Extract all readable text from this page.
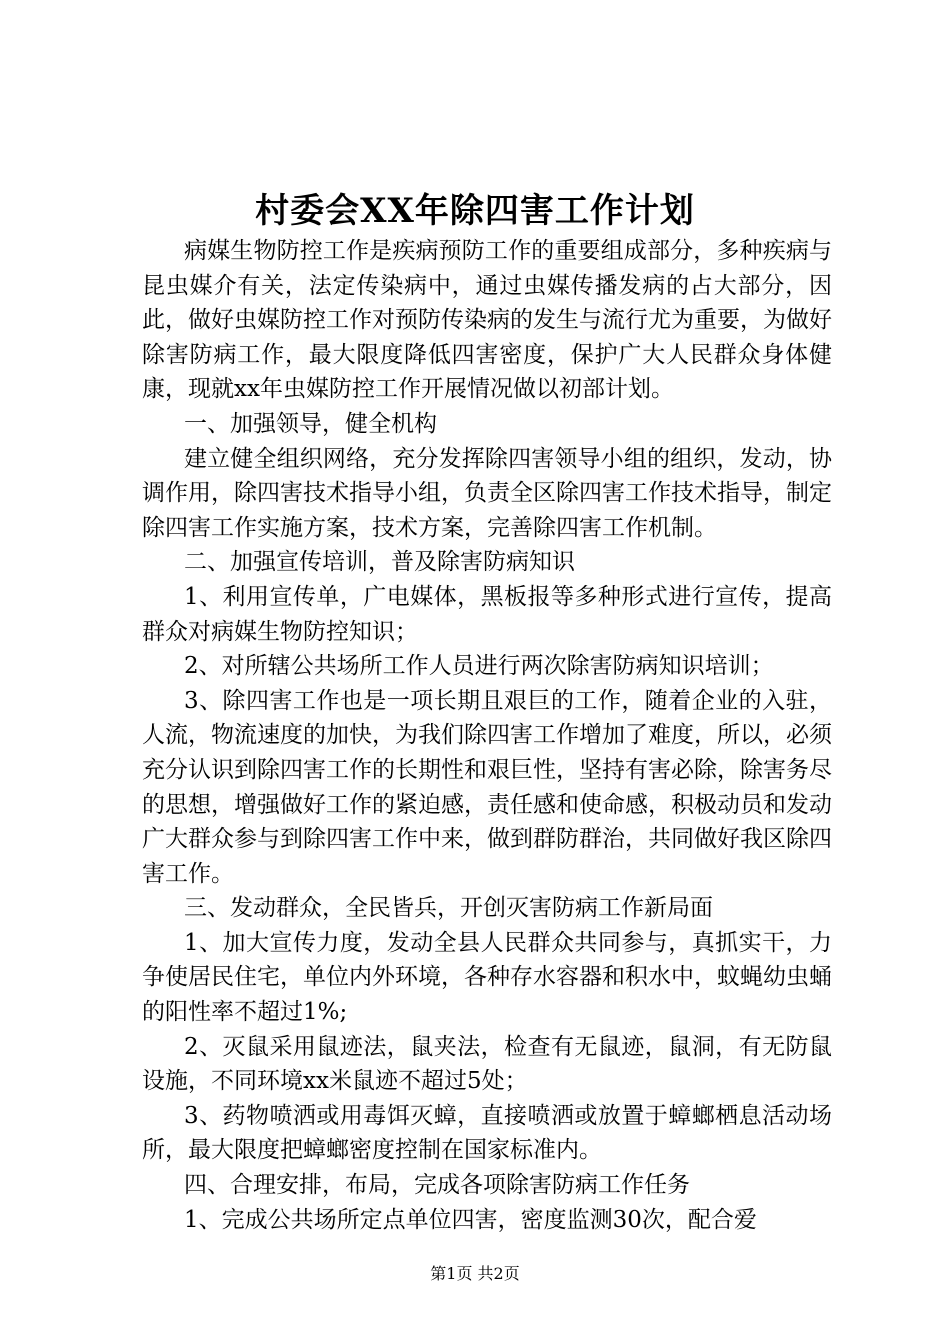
村委会XX年除四害工作计划

病媒生物防控工作是疾病预防工作的重要组成部分，多种疾病与昆虫媒介有关，法定传染病中，通过虫媒传播发病的占大部分，因此，做好虫媒防控工作对预防传染病的发生与流行尤为重要，为做好除害防病工作，最大限度降低四害密度，保护广大人民群众身体健康，现就xx年虫媒防控工作开展情况做以初部计划。

一、加强领导，健全机构

建立健全组织网络，充分发挥除四害领导小组的组织，发动，协调作用，除四害技术指导小组，负责全区除四害工作技术指导，制定除四害工作实施方案，技术方案，完善除四害工作机制。

二、加强宣传培训，普及除害防病知识

1、利用宣传单，广电媒体，黑板报等多种形式进行宣传，提高群众对病媒生物防控知识；

2、对所辖公共场所工作人员进行两次除害防病知识培训；

3、除四害工作也是一项长期且艰巨的工作，随着企业的入驻，人流，物流速度的加快，为我们除四害工作增加了难度，所以，必须充分认识到除四害工作的长期性和艰巨性，坚持有害必除，除害务尽的思想，增强做好工作的紧迫感，责任感和使命感，积极动员和发动广大群众参与到除四害工作中来，做到群防群治，共同做好我区除四害工作。

三、发动群众，全民皆兵，开创灭害防病工作新局面

1、加大宣传力度，发动全县人民群众共同参与，真抓实干，力争使居民住宅，单位内外环境，各种存水容器和积水中，蚊蝇幼虫蛹的阳性率不超过1%;

2、灭鼠采用鼠迹法，鼠夹法，检查有无鼠迹，鼠洞，有无防鼠设施，不同环境xx米鼠迹不超过5处；

3、药物喷洒或用毒饵灭蟑，直接喷洒或放置于蟑螂栖息活动场所，最大限度把蟑螂密度控制在国家标准内。

四、合理安排，布局，完成各项除害防病工作任务

1、完成公共场所定点单位四害，密度监测30次，配合爱

第1页 共2页
